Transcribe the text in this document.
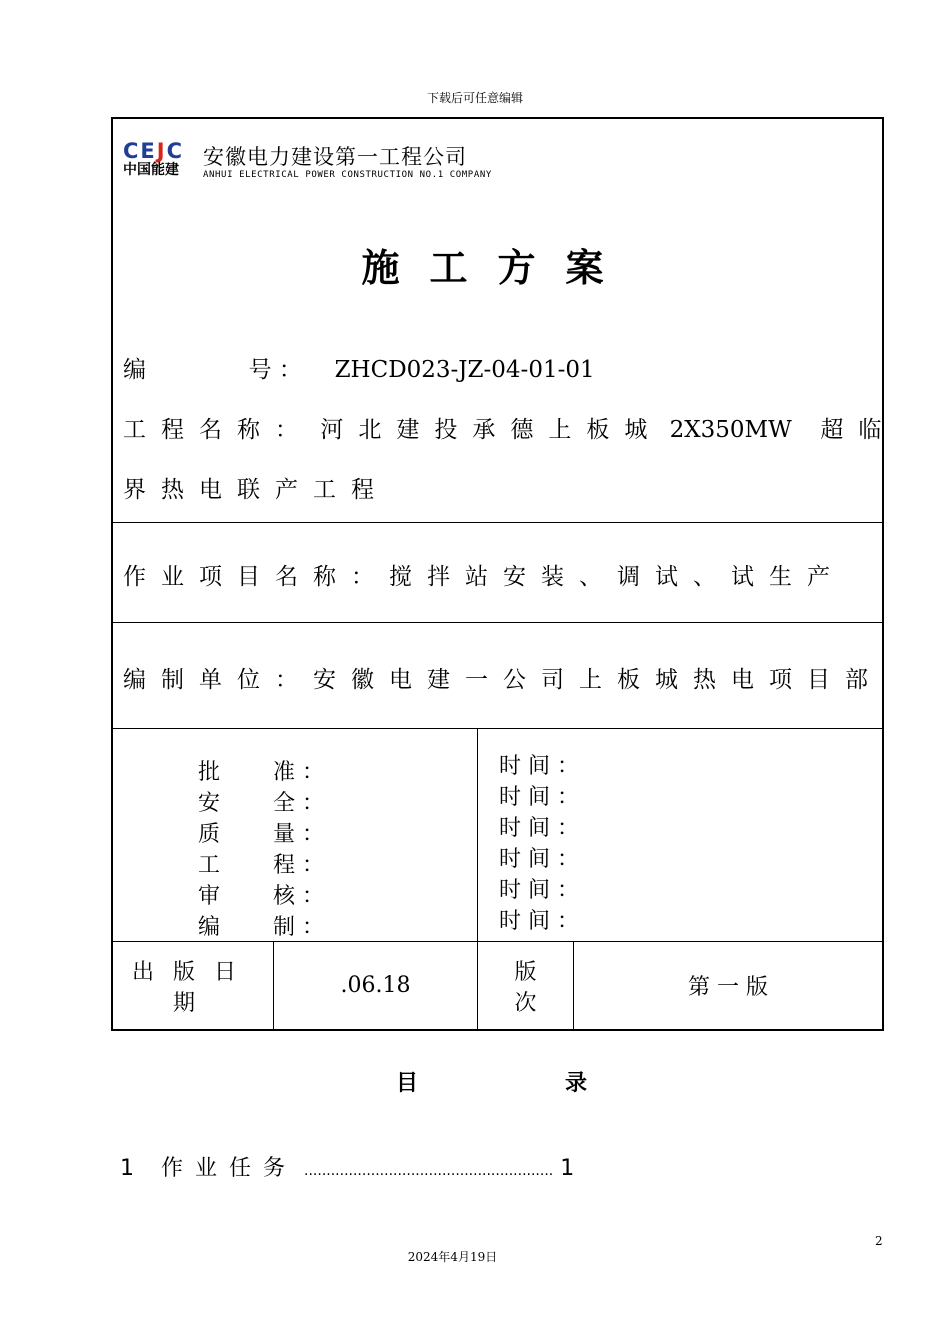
下载后可任意编辑
CEJC
中国能建
安徽电力建设第一工程公司
ANHUI ELECTRICAL POWER CONSTRUCTION NO.1 COMPANY
施工方案
编	号 ： ZHCD023-JZ-04-01-01
工程名称： 河北建投承德上板城 2X350MW 超临
界热电联产工程
作业项目名称：搅拌站安装、调试、试生产
编制单位：安徽电建一公司上板城热电项目部
批
安
质
工
审
编
准 ：
全 ：
量 ：
程 ：
核 ：
制 ：
时 间 ：
时 间 ：
时 间 ：
时 间 ：
时 间 ：
时 间 ：
出 版 日 期
.06.18
版 次
第 一 版
目	录
1 作业任务 ........................................................ 1
2
2024年4月19日
